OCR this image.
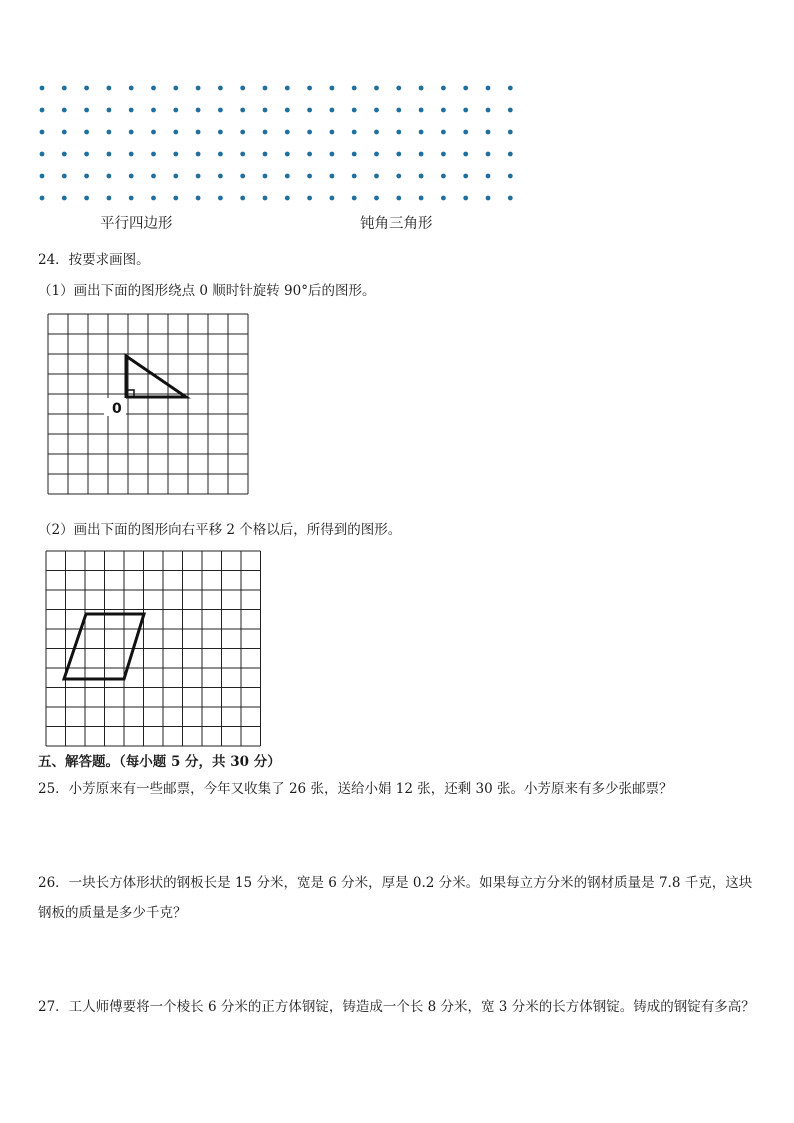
平行四边形	钝角三角形
24．按要求画图。
（1）画出下面的图形绕点 0 顺时针旋转 90°后的图形。
0
（2）画出下面的图形向右平移 2 个格以后，所得到的图形。
五、解答题。（每小题 5 分，共 30 分）
25．小芳原来有一些邮票，今年又收集了 26 张，送给小娟 12 张，还剩 30 张。小芳原来有多少张邮票？
26．一块长方体形状的钢板长是 15 分米，宽是 6 分米，厚是 0.2 分米。如果每立方分米的钢材质量是 7.8 千克，这块
钢板的质量是多少千克？
27．工人师傅要将一个棱长 6 分米的正方体钢锭，铸造成一个长 8 分米，宽 3 分米的长方体钢锭。铸成的钢锭有多高？
